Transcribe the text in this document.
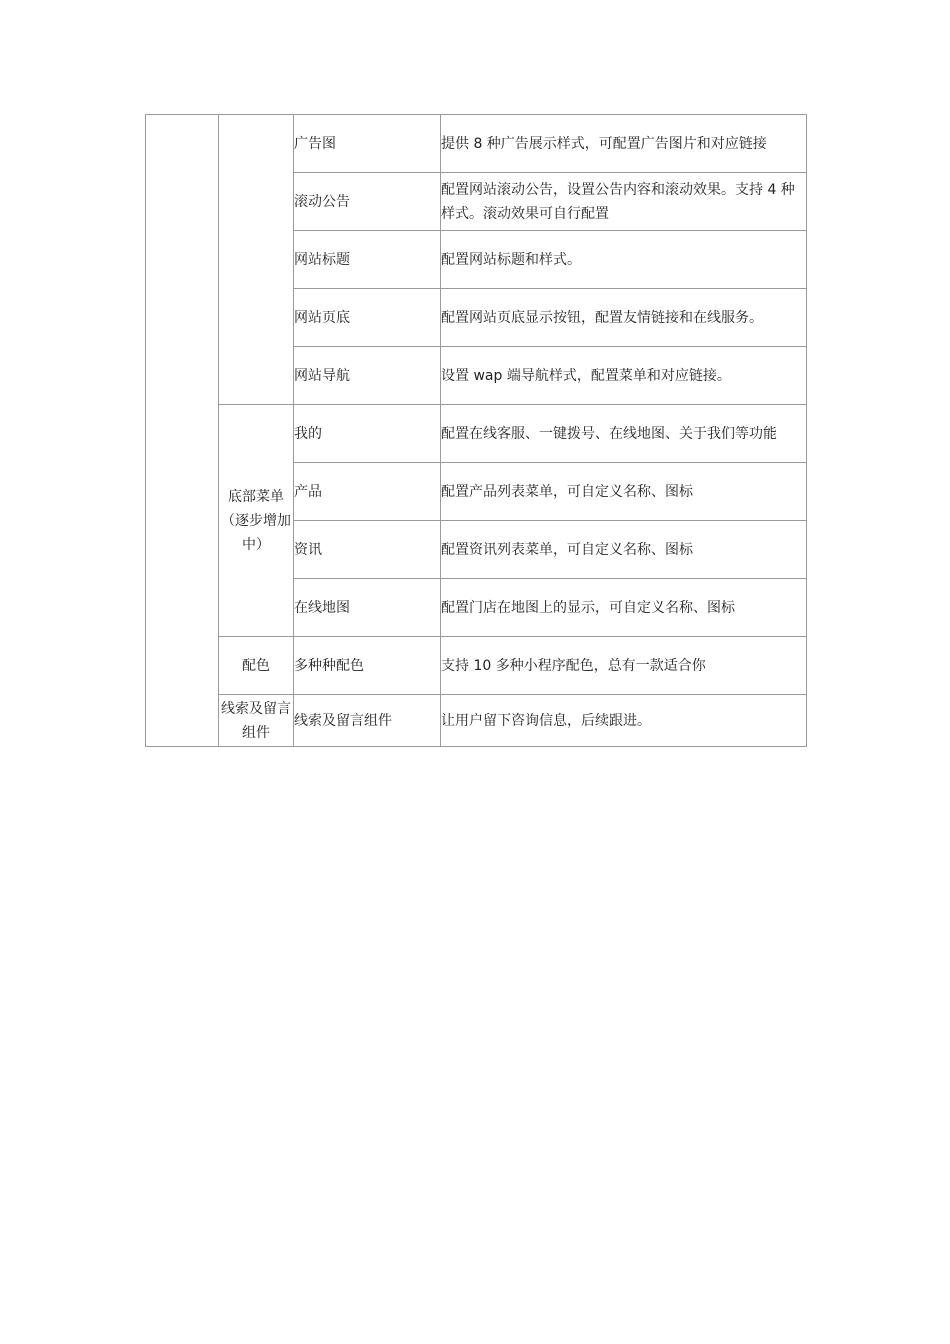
		广告图	提供 8 种广告展示样式，可配置广告图片和对应链接
		滚动公告	配置网站滚动公告，设置公告内容和滚动效果。支持 4 种样式。滚动效果可自行配置
		网站标题	配置网站标题和样式。
		网站页底	配置网站页底显示按钮，配置友情链接和在线服务。
		网站导航	设置 wap 端导航样式，配置菜单和对应链接。
	底部菜单（逐步增加中）	我的	配置在线客服、一键拨号、在线地图、关于我们等功能
		产品	配置产品列表菜单，可自定义名称、图标
		资讯	配置资讯列表菜单，可自定义名称、图标
		在线地图	配置门店在地图上的显示，可自定义名称、图标
	配色	多种种配色	支持 10 多种小程序配色，总有一款适合你
	线索及留言组件	线索及留言组件	让用户留下咨询信息，后续跟进。
